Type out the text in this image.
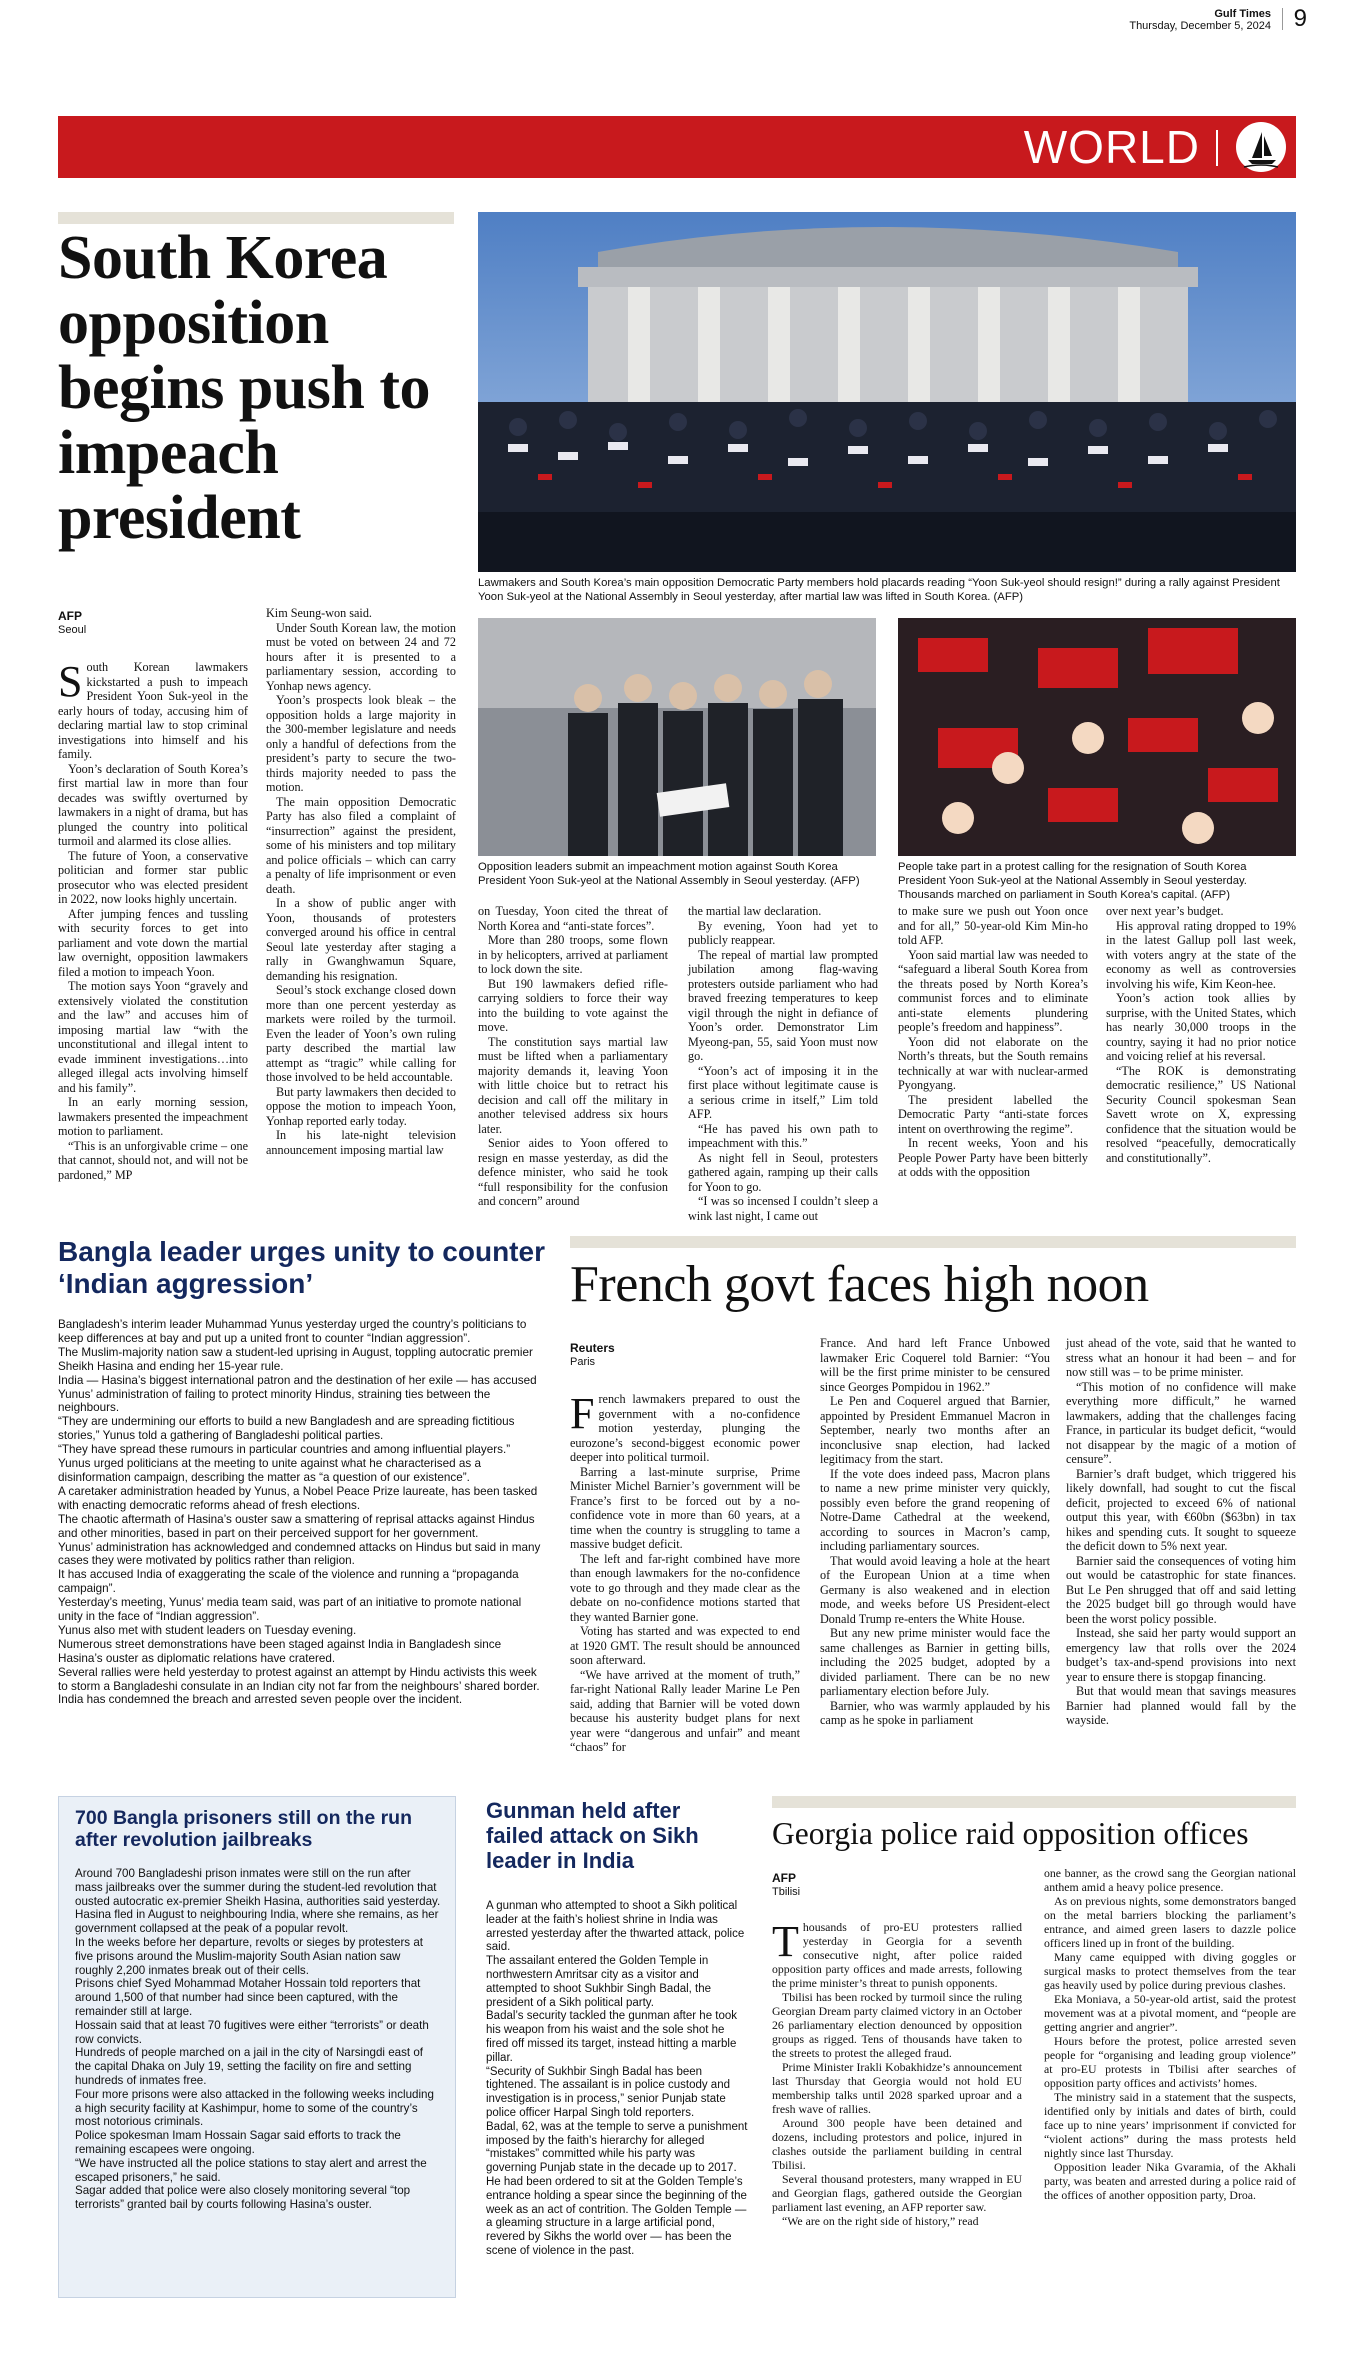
Gulf Times
Thursday, December 5, 2024 9
WORLD
South Korea opposition begins push to impeach president
Lawmakers and South Korea’s main opposition Democratic Party members hold placards reading “Yoon Suk-yeol should resign!” during a rally against President Yoon Suk-yeol at the National Assembly in Seoul yesterday, after martial law was lifted in South Korea. (AFP)
Opposition leaders submit an impeachment motion against South Korea President Yoon Suk-yeol at the National Assembly in Seoul yesterday. (AFP)
People take part in a protest calling for the resignation of South Korea President Yoon Suk-yeol at the National Assembly in Seoul yesterday. Thousands marched on parliament in South Korea’s capital. (AFP)
AFP
Seoul
S outh Korean lawmakers kickstarted a push to impeach President Yoon Suk-yeol in the early hours of today, accusing him of declaring martial law to stop criminal investigations into himself and his family.

Yoon’s declaration of South Korea’s first martial law in more than four decades was swiftly overturned by lawmakers in a night of drama, but has plunged the country into political turmoil and alarmed its close allies.

The future of Yoon, a conservative politician and former star public prosecutor who was elected president in 2022, now looks highly uncertain.

After jumping fences and tussling with security forces to get into parliament and vote down the martial law overnight, opposition lawmakers filed a motion to impeach Yoon.

The motion says Yoon “gravely and extensively violated the constitution and the law” and accuses him of imposing martial law “with the unconstitutional and illegal intent to evade imminent investigations…into alleged illegal acts involving himself and his family”.

In an early morning session, lawmakers presented the impeachment motion to parliament.

“This is an unforgivable crime – one that cannot, should not, and will not be pardoned,” MP

Kim Seung-won said.

Under South Korean law, the motion must be voted on between 24 and 72 hours after it is presented to a parliamentary session, according to Yonhap news agency.

Yoon’s prospects look bleak – the opposition holds a large majority in the 300-member legislature and needs only a handful of defections from the president’s party to secure the two-thirds majority needed to pass the motion.

The main opposition Democratic Party has also filed a complaint of “insurrection” against the president, some of his ministers and top military and police officials – which can carry a penalty of life imprisonment or even death.

In a show of public anger with Yoon, thousands of protesters converged around his office in central Seoul late yesterday after staging a rally in Gwanghwamun Square, demanding his resignation.

Seoul’s stock exchange closed down more than one percent yesterday as markets were roiled by the turmoil. Even the leader of Yoon’s own ruling party described the martial law attempt as “tragic” while calling for those involved to be held accountable.

But party lawmakers then decided to oppose the motion to impeach Yoon, Yonhap reported early today.

In his late-night television announcement imposing martial law

on Tuesday, Yoon cited the threat of North Korea and “anti-state forces”.

More than 280 troops, some flown in by helicopters, arrived at parliament to lock down the site.

But 190 lawmakers defied rifle-carrying soldiers to force their way into the building to vote against the move.

The constitution says martial law must be lifted when a parliamentary majority demands it, leaving Yoon with little choice but to retract his decision and call off the military in another televised address six hours later.

Senior aides to Yoon offered to resign en masse yesterday, as did the defence minister, who said he took “full responsibility for the confusion and concern” around

the martial law declaration.

By evening, Yoon had yet to publicly reappear.

The repeal of martial law prompted jubilation among flag-waving protesters outside parliament who had braved freezing temperatures to keep vigil through the night in defiance of Yoon’s order. Demonstrator Lim Myeong-pan, 55, said Yoon must now go.

“Yoon’s act of imposing it in the first place without legitimate cause is a serious crime in itself,” Lim told AFP.

“He has paved his own path to impeachment with this.”

As night fell in Seoul, protesters gathered again, ramping up their calls for Yoon to go.

“I was so incensed I couldn’t sleep a wink last night, I came out

to make sure we push out Yoon once and for all,” 50-year-old Kim Min-ho told AFP.

Yoon said martial law was needed to “safeguard a liberal South Korea from the threats posed by North Korea’s communist forces and to eliminate anti-state elements plundering people’s freedom and happiness”.

Yoon did not elaborate on the North’s threats, but the South remains technically at war with nuclear-armed Pyongyang.

The president labelled the Democratic Party “anti-state forces intent on overthrowing the regime”.

In recent weeks, Yoon and his People Power Party have been bitterly at odds with the opposition

over next year’s budget.

His approval rating dropped to 19% in the latest Gallup poll last week, with voters angry at the state of the economy as well as controversies involving his wife, Kim Keon-hee.

Yoon’s action took allies by surprise, with the United States, which has nearly 30,000 troops in the country, saying it had no prior notice and voicing relief at his reversal.

“The ROK is demonstrating democratic resilience,” US National Security Council spokesman Sean Savett wrote on X, expressing confidence that the situation would be resolved “peacefully, democratically and constitutionally”.

Bangla leader urges unity to counter ‘Indian aggression’

Bangladesh’s interim leader Muhammad Yunus yesterday urged the country’s politicians to keep differences at bay and put up a united front to counter “Indian aggression”.

The Muslim-majority nation saw a student-led uprising in August, toppling autocratic premier Sheikh Hasina and ending her 15-year rule.

India — Hasina’s biggest international patron and the destination of her exile — has accused Yunus’ administration of failing to protect minority Hindus, straining ties between the neighbours.

“They are undermining our efforts to build a new Bangladesh and are spreading fictitious stories,” Yunus told a gathering of Bangladeshi political parties.

“They have spread these rumours in particular countries and among influential players.”

Yunus urged politicians at the meeting to unite against what he characterised as a disinformation campaign, describing the matter as “a question of our existence”.

A caretaker administration headed by Yunus, a Nobel Peace Prize laureate, has been tasked with enacting democratic reforms ahead of fresh elections.

The chaotic aftermath of Hasina’s ouster saw a smattering of reprisal attacks against Hindus and other minorities, based in part on their perceived support for her government.

Yunus’ administration has acknowledged and condemned attacks on Hindus but said in many cases they were motivated by politics rather than religion.

It has accused India of exaggerating the scale of the violence and running a “propaganda campaign”.

Yesterday’s meeting, Yunus’ media team said, was part of an initiative to promote national unity in the face of “Indian aggression”.

Yunus also met with student leaders on Tuesday evening.

Numerous street demonstrations have been staged against India in Bangladesh since Hasina’s ouster as diplomatic relations have cratered.

Several rallies were held yesterday to protest against an attempt by Hindu activists this week to storm a Bangladeshi consulate in an Indian city not far from the neighbours’ shared border.

India has condemned the breach and arrested seven people over the incident.

French govt faces high noon
Reuters
Paris
F rench lawmakers prepared to oust the government with a no-confidence motion yesterday, plunging the eurozone’s second-biggest economic power deeper into political turmoil.

Barring a last-minute surprise, Prime Minister Michel Barnier’s government will be France’s first to be forced out by a no-confidence vote in more than 60 years, at a time when the country is struggling to tame a massive budget deficit.

The left and far-right combined have more than enough lawmakers for the no-confidence vote to go through and they made clear as the debate on no-confidence motions started that they wanted Barnier gone.

Voting has started and was expected to end at 1920 GMT. The result should be announced soon afterward.

“We have arrived at the moment of truth,” far-right National Rally leader Marine Le Pen said, adding that Barnier will be voted down because his austerity budget plans for next year were “dangerous and unfair” and meant “chaos” for

France. And hard left France Unbowed lawmaker Eric Coquerel told Barnier: “You will be the first prime minister to be censured since Georges Pompidou in 1962.”

Le Pen and Coquerel argued that Barnier, appointed by President Emmanuel Macron in September, nearly two months after an inconclusive snap election, had lacked legitimacy from the start.

If the vote does indeed pass, Macron plans to name a new prime minister very quickly, possibly even before the grand reopening of Notre-Dame Cathedral at the weekend, according to sources in Macron’s camp, including parliamentary sources.

That would avoid leaving a hole at the heart of the European Union at a time when Germany is also weakened and in election mode, and weeks before US President-elect Donald Trump re-enters the White House.

But any new prime minister would face the same challenges as Barnier in getting bills, including the 2025 budget, adopted by a divided parliament. There can be no new parliamentary election before July.

Barnier, who was warmly applauded by his camp as he spoke in parliament

just ahead of the vote, said that he wanted to stress what an honour it had been – and for now still was – to be prime minister.

“This motion of no confidence will make everything more difficult,” he warned lawmakers, adding that the challenges facing France, in particular its budget deficit, “would not disappear by the magic of a motion of censure”.

Barnier’s draft budget, which triggered his likely downfall, had sought to cut the fiscal deficit, projected to exceed 6% of national output this year, with €60bn ($63bn) in tax hikes and spending cuts. It sought to squeeze the deficit down to 5% next year.

Barnier said the consequences of voting him out would be catastrophic for state finances. But Le Pen shrugged that off and said letting the 2025 budget bill go through would have been the worst policy possible.

Instead, she said her party would support an emergency law that rolls over the 2024 budget’s tax-and-spend provisions into next year to ensure there is stopgap financing.

But that would mean that savings measures Barnier had planned would fall by the wayside.

700 Bangla prisoners still on the run after revolution jailbreaks

Around 700 Bangladeshi prison inmates were still on the run after mass jailbreaks over the summer during the student-led revolution that ousted autocratic ex-premier Sheikh Hasina, authorities said yesterday.

Hasina fled in August to neighbouring India, where she remains, as her government collapsed at the peak of a popular revolt.

In the weeks before her departure, revolts or sieges by protesters at five prisons around the Muslim-majority South Asian nation saw roughly 2,200 inmates break out of their cells.

Prisons chief Syed Mohammad Motaher Hossain told reporters that around 1,500 of that number had since been captured, with the remainder still at large.

Hossain said that at least 70 fugitives were either “terrorists” or death row convicts.

Hundreds of people marched on a jail in the city of Narsingdi east of the capital Dhaka on July 19, setting the facility on fire and setting hundreds of inmates free.

Four more prisons were also attacked in the following weeks including a high security facility at Kashimpur, home to some of the country’s most notorious criminals.

Police spokesman Imam Hossain Sagar said efforts to track the remaining escapees were ongoing.

“We have instructed all the police stations to stay alert and arrest the escaped prisoners,” he said.

Sagar added that police were also closely monitoring several “top terrorists” granted bail by courts following Hasina’s ouster.

Gunman held after failed attack on Sikh leader in India

A gunman who attempted to shoot a Sikh political leader at the faith’s holiest shrine in India was arrested yesterday after the thwarted attack, police said.

The assailant entered the Golden Temple in northwestern Amritsar city as a visitor and attempted to shoot Sukhbir Singh Badal, the president of a Sikh political party.

Badal’s security tackled the gunman after he took his weapon from his waist and the sole shot he fired off missed its target, instead hitting a marble pillar.

“Security of Sukhbir Singh Badal has been tightened. The assailant is in police custody and investigation is in process,” senior Punjab state police officer Harpal Singh told reporters.

Badal, 62, was at the temple to serve a punishment imposed by the faith’s hierarchy for alleged “mistakes” committed while his party was governing Punjab state in the decade up to 2017. He had been ordered to sit at the Golden Temple’s entrance holding a spear since the beginning of the week as an act of contrition. The Golden Temple — a gleaming structure in a large artificial pond, revered by Sikhs the world over — has been the scene of violence in the past.

Georgia police raid opposition offices
AFP
Tbilisi
T housands of pro-EU protesters rallied yesterday in Georgia for a seventh consecutive night, after police raided opposition party offices and made arrests, following the prime minister’s threat to punish opponents.

Tbilisi has been rocked by turmoil since the ruling Georgian Dream party claimed victory in an October 26 parliamentary election denounced by opposition groups as rigged. Tens of thousands have taken to the streets to protest the alleged fraud.

Prime Minister Irakli Kobakhidze’s announcement last Thursday that Georgia would not hold EU membership talks until 2028 sparked uproar and a fresh wave of rallies.

Around 300 people have been detained and dozens, including protestors and police, injured in clashes outside the parliament building in central Tbilisi.

Several thousand protesters, many wrapped in EU and Georgian flags, gathered outside the Georgian parliament last evening, an AFP reporter saw.

“We are on the right side of history,” read

one banner, as the crowd sang the Georgian national anthem amid a heavy police presence.

As on previous nights, some demonstrators banged on the metal barriers blocking the parliament’s entrance, and aimed green lasers to dazzle police officers lined up in front of the building.

Many came equipped with diving goggles or surgical masks to protect themselves from the tear gas heavily used by police during previous clashes.

Eka Moniava, a 50-year-old artist, said the protest movement was at a pivotal moment, and “people are getting angrier and angrier”.

Hours before the protest, police arrested seven people for “organising and leading group violence” at pro-EU protests in Tbilisi after searches of opposition party offices and activists’ homes.

The ministry said in a statement that the suspects, identified only by initials and dates of birth, could face up to nine years’ imprisonment if convicted for “violent actions” during the mass protests held nightly since last Thursday.

Opposition leader Nika Gvaramia, of the Akhali party, was beaten and arrested during a police raid of the offices of another opposition party, Droa.
